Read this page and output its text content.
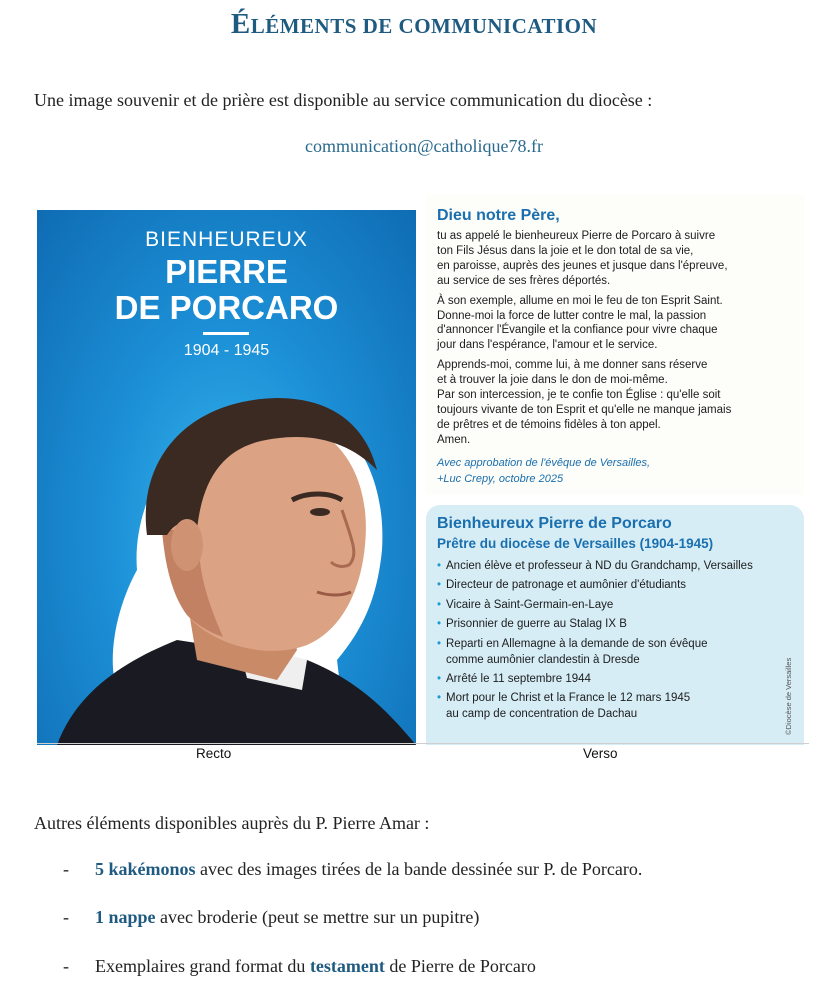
ÉLÉMENTS DE COMMUNICATION
Une image souvenir et de prière est disponible au service communication du diocèse :
communication@catholique78.fr
BIENHEUREUX
PIERRE
DE PORCARO
1904 - 1945
Dieu notre Père,

tu as appelé le bienheureux Pierre de Porcaro à suivre
ton Fils Jésus dans la joie et le don total de sa vie,
en paroisse, auprès des jeunes et jusque dans l'épreuve,
au service de ses frères déportés.

À son exemple, allume en moi le feu de ton Esprit Saint.
Donne-moi la force de lutter contre le mal, la passion
d'annoncer l'Évangile et la confiance pour vivre chaque
jour dans l'espérance, l'amour et le service.

Apprends-moi, comme lui, à me donner sans réserve
et à trouver la joie dans le don de moi-même.
Par son intercession, je te confie ton Église : qu'elle soit
toujours vivante de ton Esprit et qu'elle ne manque jamais
de prêtres et de témoins fidèles à ton appel.
Amen.

Avec approbation de l'évêque de Versailles,
+Luc Crepy, octobre 2025
Bienheureux Pierre de Porcaro
Prêtre du diocèse de Versailles (1904-1945)
• Ancien élève et professeur à ND du Grandchamp, Versailles
• Directeur de patronage et aumônier d'étudiants
• Vicaire à Saint-Germain-en-Laye
• Prisonnier de guerre au Stalag IX B
• Reparti en Allemagne à la demande de son évêque
comme aumônier clandestin à Dresde
• Arrêté le 11 septembre 1944
• Mort pour le Christ et la France le 12 mars 1945
au camp de concentration de Dachau	©Diocèse de Versailles
Recto	Verso
Autres éléments disponibles auprès du P. Pierre Amar :
- 5 kakémonos avec des images tirées de la bande dessinée sur P. de Porcaro.
- 1 nappe avec broderie (peut se mettre sur un pupitre)
- Exemplaires grand format du testament de Pierre de Porcaro
